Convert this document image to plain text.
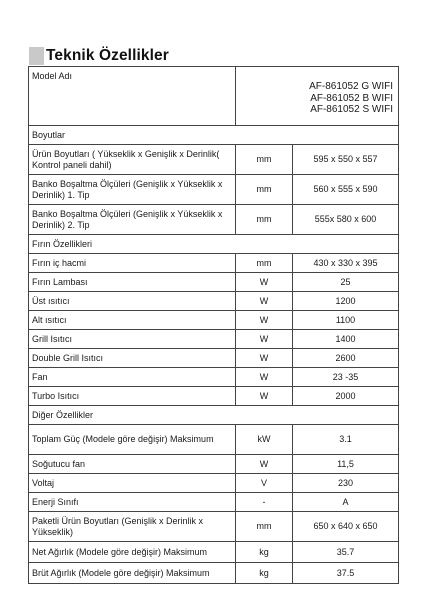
Teknik Özellikler
Model Adı	AF-861052 G WIFI
AF-861052 B WIFI
AF-861052 S WIFI	

Boyutlar		
Ürün Boyutları ( Yükseklik x Genişlik x Derinlik( Kontrol paneli dahil)	mm	595 x 550 x 557
Banko Boşaltma Ölçüleri (Genişlik x Yükseklik x Derinlik) 1. Tip	mm	560 x 555 x 590
Banko Boşaltma Ölçüleri (Genişlik x Yükseklik x Derinlik) 2. Tip	mm	555x 580 x 600
Fırın Özellikleri		
Fırın iç hacmi	mm	430 x 330 x 395
Fırın Lambası	W	25
Üst ısıtıcı	W	1200
Alt ısıtıcı	W	1100
Grill Isıtıcı	W	1400
Double Grill Isıtıcı	W	2600
Fan	W	23 -35
Turbo Isıtıcı	W	2000
Diğer Özellikler		
Toplam Güç (Modele göre değişir) Maksimum	kW	3.1
Soğutucu fan	W	11,5
Voltaj	V	230
Enerji Sınıfı	-	A
Paketli Ürün Boyutları (Genişlik x Derinlik x Yükseklik)	mm	650 x 640 x 650
Net Ağırlık (Modele göre değişir) Maksimum	kg	35.7
Brüt Ağırlık (Modele göre değişir) Maksimum	kg	37.5
